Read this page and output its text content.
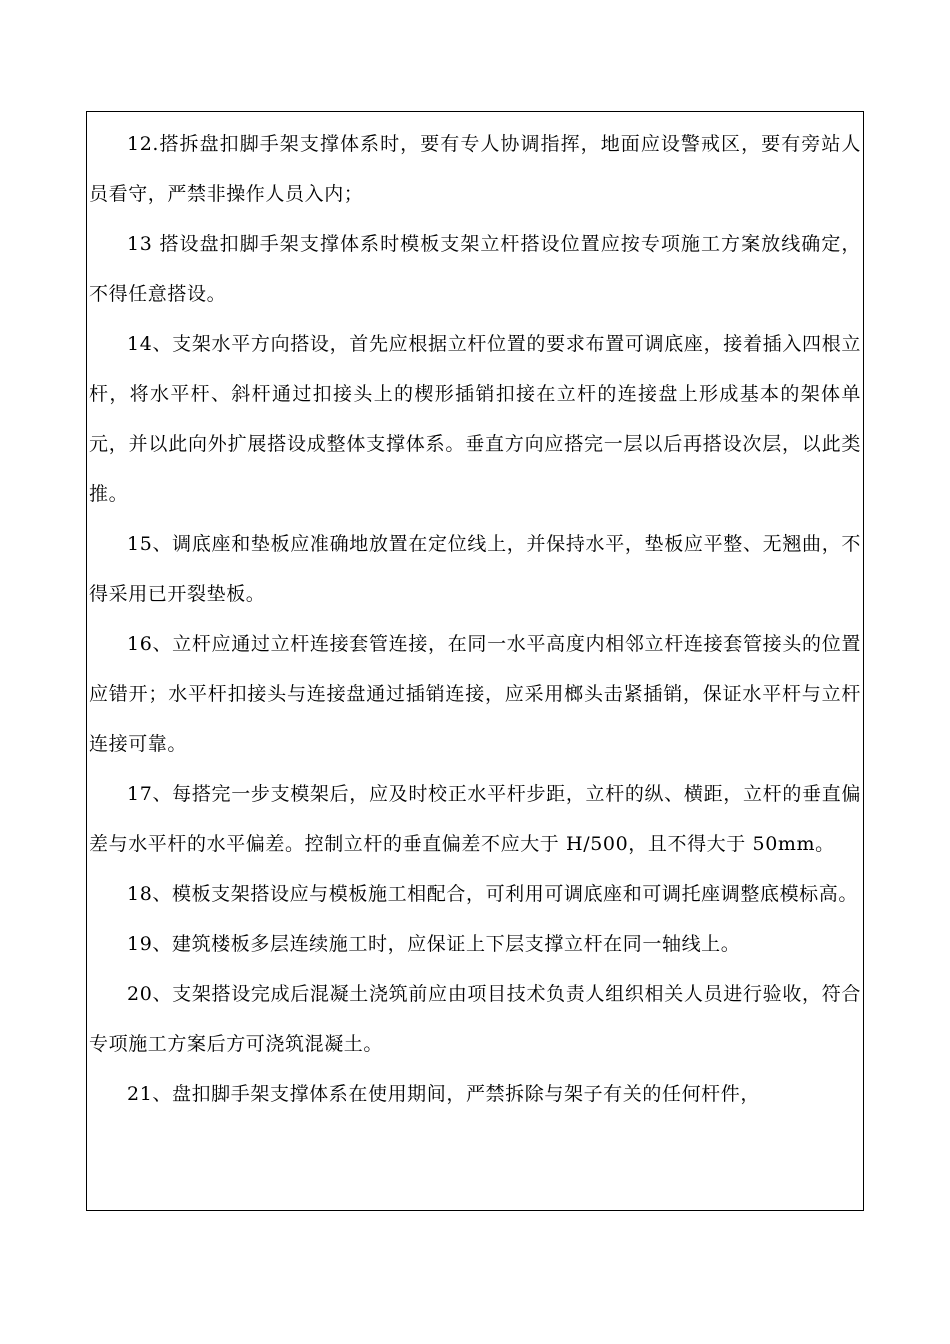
12.搭拆盘扣脚手架支撑体系时，要有专人协调指挥，地面应设警戒区，要有旁站人员看守，严禁非操作人员入内；

13 搭设盘扣脚手架支撑体系时模板支架立杆搭设位置应按专项施工方案放线确定，不得任意搭设。

14、支架水平方向搭设，首先应根据立杆位置的要求布置可调底座，接着插入四根立杆，将水平杆、斜杆通过扣接头上的楔形插销扣接在立杆的连接盘上形成基本的架体单元，并以此向外扩展搭设成整体支撑体系。垂直方向应搭完一层以后再搭设次层，以此类推。

15、调底座和垫板应准确地放置在定位线上，并保持水平，垫板应平整、无翘曲，不得采用已开裂垫板。

16、立杆应通过立杆连接套管连接，在同一水平高度内相邻立杆连接套管接头的位置应错开；水平杆扣接头与连接盘通过插销连接，应采用榔头击紧插销，保证水平杆与立杆连接可靠。

17、每搭完一步支模架后，应及时校正水平杆步距，立杆的纵、横距，立杆的垂直偏差与水平杆的水平偏差。控制立杆的垂直偏差不应大于 H/500，且不得大于 50mm。

18、模板支架搭设应与模板施工相配合，可利用可调底座和可调托座调整底模标高。

19、建筑楼板多层连续施工时，应保证上下层支撑立杆在同一轴线上。

20、支架搭设完成后混凝土浇筑前应由项目技术负责人组织相关人员进行验收，符合专项施工方案后方可浇筑混凝土。

21、盘扣脚手架支撑体系在使用期间，严禁拆除与架子有关的任何杆件，
